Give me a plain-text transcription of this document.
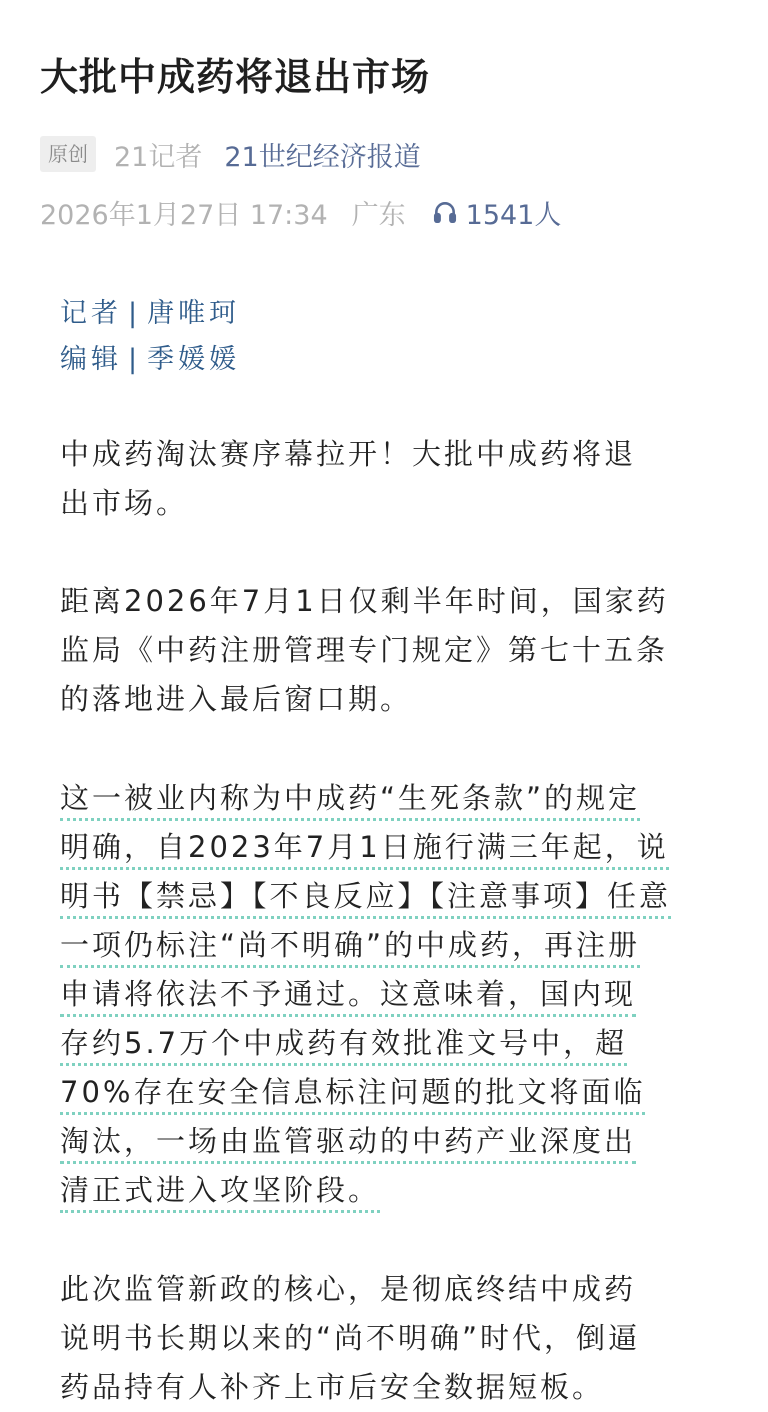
大批中成药将退出市场
原创 21记者 21世纪经济报道
2026年1月27日 17:34 广东 1541人
记者 | 唐唯珂
编辑 | 季媛媛
中成药淘汰赛序幕拉开！大批中成药将退
出市场。
距离2026年7月1日仅剩半年时间，国家药
监局《中药注册管理专门规定》第七十五条
的落地进入最后窗口期。
这一被业内称为中成药“生死条款”的规定
明确，自2023年7月1日施行满三年起，说
明书【禁忌】【不良反应】【注意事项】任意
一项仍标注“尚不明确”的中成药，再注册
申请将依法不予通过。这意味着，国内现
存约5.7万个中成药有效批准文号中，超
70%存在安全信息标注问题的批文将面临
淘汰，一场由监管驱动的中药产业深度出
清正式进入攻坚阶段。
此次监管新政的核心，是彻底终结中成药
说明书长期以来的“尚不明确”时代，倒逼
药品持有人补齐上市后安全数据短板。
